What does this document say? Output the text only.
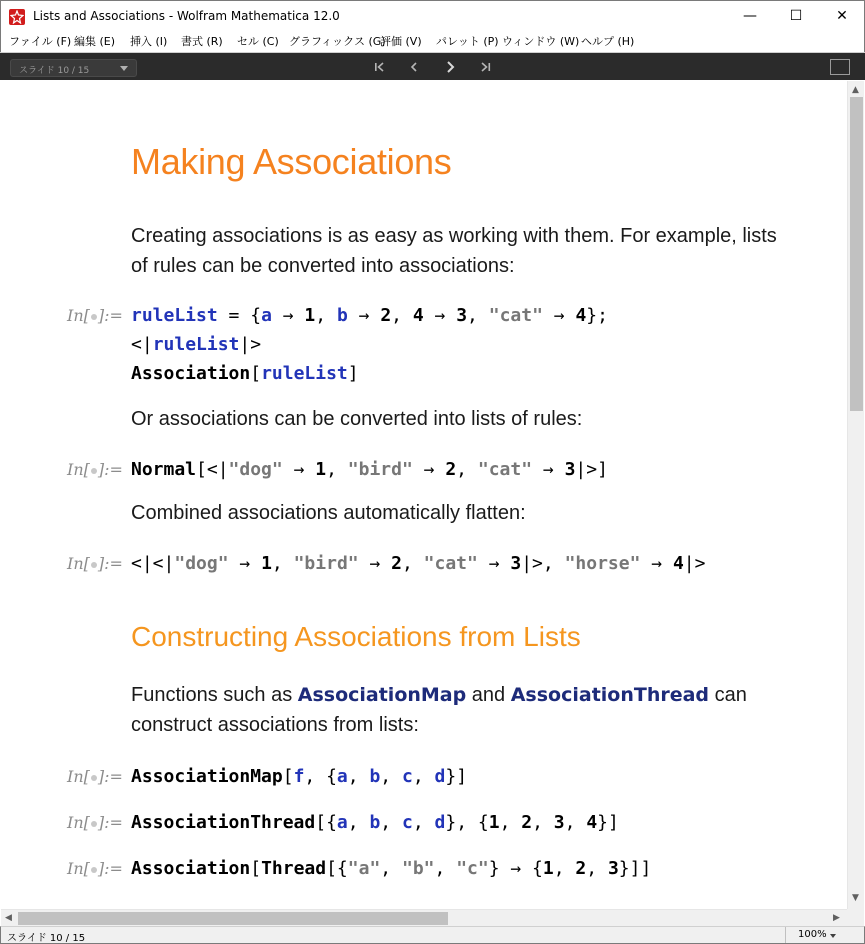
Lists and Associations - Wolfram Mathematica 12.0	—	☐	✕
ファイル (F) 編集 (E) 挿入 (I) 書式 (R) セル (C) グラフィックス (G)
評価 (V) パレット (P) ウィンドウ (W) ヘルプ (H)
スライド 10 / 15
Making Associations
Creating associations is as easy as working with them. For example, lists of rules can be converted into associations:
In[ ]:= ruleList = {a → 1, b → 2, 4 → 3, "cat" → 4};
<|ruleList|>
Association[ruleList]
Or associations can be converted into lists of rules:
In[ ]:= Normal[<|"dog" → 1, "bird" → 2, "cat" → 3|>]
Combined associations automatically flatten:
In[ ]:= <|<|"dog" → 1, "bird" → 2, "cat" → 3|>, "horse" → 4|>
Constructing Associations from Lists
Functions such as AssociationMap and AssociationThread can construct associations from lists:
In[ ]:= AssociationMap[f, {a, b, c, d}]
In[ ]:= AssociationThread[{a, b, c, d}, {1, 2, 3, 4}]
In[ ]:= Association[Thread[{"a", "b", "c"} → {1, 2, 3}]]
▲
▼
◀	▶
スライド 10 / 15	100%
